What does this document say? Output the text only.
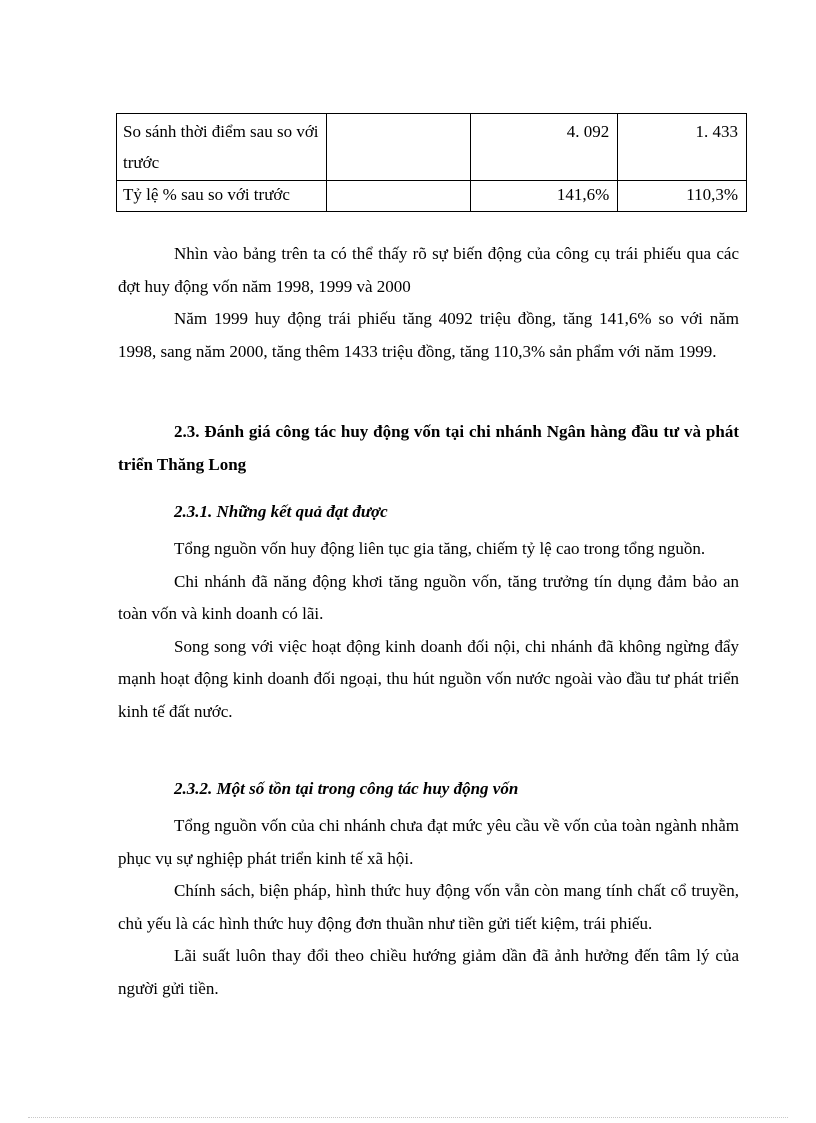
So sánh thời điểm sau so với trước		4. 092	1. 433
Tỷ lệ % sau so với trước		141,6%	110,3%

Nhìn vào bảng trên ta có thể thấy rõ sự biến động của công cụ trái phiếu qua các đợt huy động vốn năm 1998, 1999 và 2000

Năm 1999 huy động trái phiếu tăng 4092 triệu đồng, tăng 141,6% so với năm 1998, sang năm 2000, tăng thêm 1433 triệu đồng, tăng 110,3% sản phẩm với năm 1999.

2.3. Đánh giá công tác huy động vốn tại chi nhánh Ngân hàng đầu tư và phát triển Thăng Long

2.3.1. Những kết quả đạt được

Tổng nguồn vốn huy động liên tục gia tăng, chiếm tỷ lệ cao trong tổng nguồn.

Chi nhánh đã năng động khơi tăng nguồn vốn, tăng trưởng tín dụng đảm bảo an toàn vốn và kinh doanh có lãi.

Song song với việc hoạt động kinh doanh đối nội, chi nhánh đã không ngừng đẩy mạnh hoạt động kinh doanh đối ngoại, thu hút nguồn vốn nước ngoài vào đầu tư phát triển kinh tế đất nước.

2.3.2. Một số tồn tại trong công tác huy động vốn

Tổng nguồn vốn của chi nhánh chưa đạt mức yêu cầu về vốn của toàn ngành nhằm phục vụ sự nghiệp phát triển kinh tế xã hội.

Chính sách, biện pháp, hình thức huy động vốn vẫn còn mang tính chất cổ truyền, chủ yếu là các hình thức huy động đơn thuần như tiền gửi tiết kiệm, trái phiếu.

Lãi suất luôn thay đổi theo chiều hướng giảm dần đã ảnh hưởng đến tâm lý của người gửi tiền.
